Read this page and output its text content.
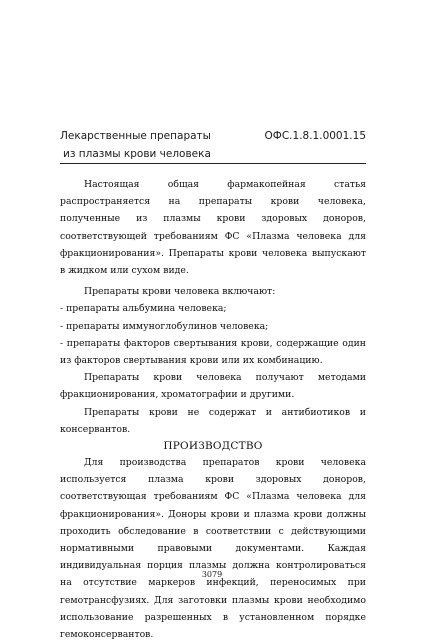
Лекарственные препараты	ОФС.1.8.1.0001.15
из плазмы крови человека

Настоящая общая фармакопейная статья распространяется на препараты крови человека, полученные из плазмы крови здоровых доноров, соответствующей требованиям ФС «Плазма человека для фракционирования». Препараты крови человека выпускают в жидком или сухом виде.

Препараты крови человека включают:

- препараты альбумина человека;

- препараты иммуноглобулинов человека;

- препараты факторов свертывания крови, содержащие один из факторов свертывания крови или их комбинацию.

Препараты крови человека получают методами фракционирования, хроматографии и другими.

Препараты крови не содержат и антибиотиков и консервантов.

ПРОИЗВОДСТВО

Для производства препаратов крови человека используется плазма крови здоровых доноров, соответствующая требованиям ФС «Плазма человека для фракционирования». Доноры крови и плазма крови должны проходить обследование в соответствии с действующими нормативными правовыми документами. Каждая индивидуальная порция плазмы должна контролироваться на отсутствие маркеров инфекций, переносимых при гемотрансфузиях. Для заготовки плазмы крови необходимо использование разрешенных в установленном порядке гемоконсервантов.

3079
